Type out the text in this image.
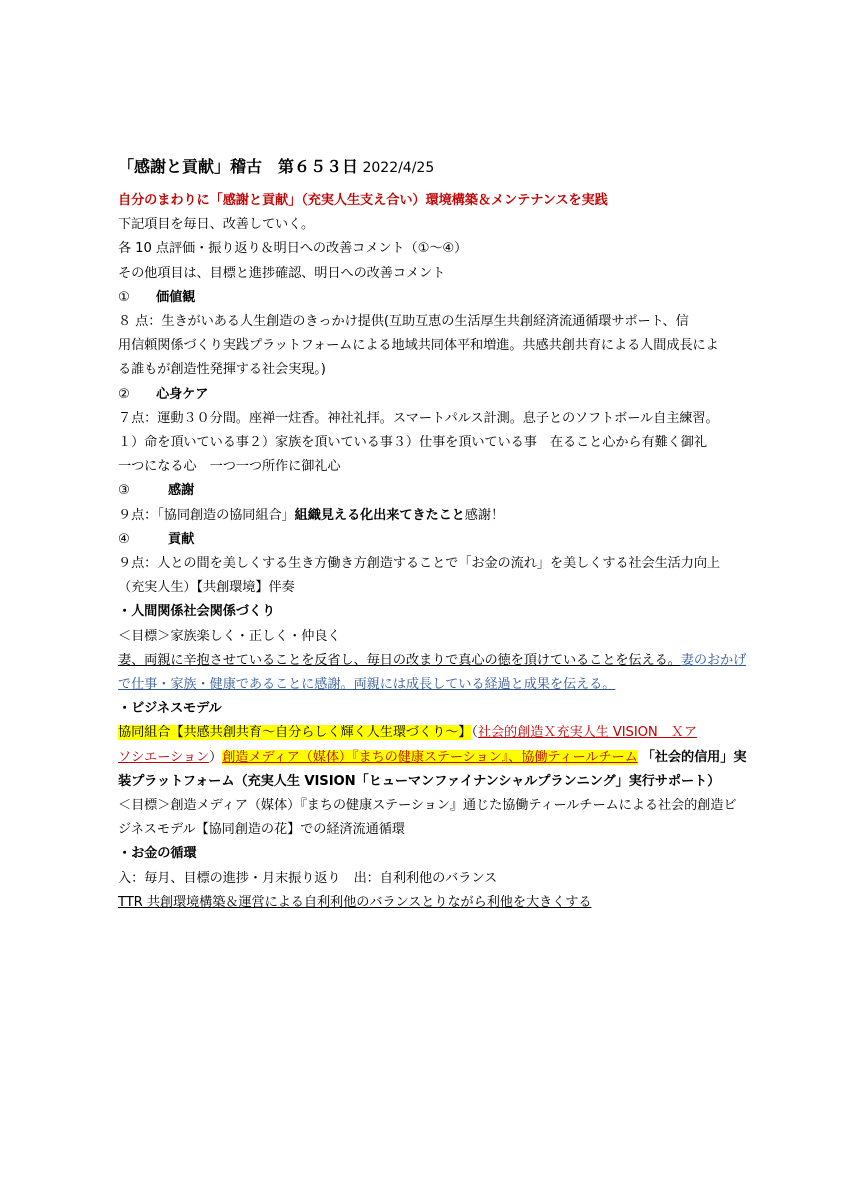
「感謝と貢献」稽古　第６５３日 2022/4/25
自分のまわりに「感謝と貢献」（充実人生支え合い）環境構築＆メンテナンスを実践
下記項目を毎日、改善していく。
各 10 点評価・振り返り＆明日への改善コメント（①～④）
その他項目は、目標と進捗確認、明日への改善コメント
① 価値観
８ 点：生きがいある人生創造のきっかけ提供(互助互恵の生活厚生共創経済流通循環サポート、信
用信頼関係づくり実践プラットフォームによる地域共同体平和増進。共感共創共育による人間成長によ
る誰もが創造性発揮する社会実現。)
② 心身ケア
７点：運動３０分間。座禅一炷香。神社礼拝。スマートパルス計測。息子とのソフトボール自主練習。
１）命を頂いている事２）家族を頂いている事３）仕事を頂いている事　在ること心から有難く御礼
一つになる心　一つ一つ所作に御礼心
③	感謝
９点：「協同創造の協同組合」組織見える化出来てきたこと感謝！
④	貢献
９点：人との間を美しくする生き方働き方創造することで「お金の流れ」を美しくする社会生活力向上
（充実人生）【共創環境】伴奏
・人間関係社会関係づくり
＜目標＞家族楽しく・正しく・仲良く
妻、両親に辛抱させていることを反省し、毎日の改まりで真心の徳を頂けていることを伝える。妻のおかげ
で仕事・家族・健康であることに感謝。両親には成長している経過と成果を伝える。
・ビジネスモデル
協同組合【共感共創共育～自分らしく輝く人生環づくり～】（社会的創造Ｘ充実人生 VISION　Ｘア
ソシエーション）創造メディア（媒体）『まちの健康ステーション』、協働ティールチーム 「社会的信用」実
装プラットフォーム（充実人生 VISION「ヒューマンファイナンシャルプランニング」実行サポート）
＜目標＞創造メディア（媒体）『まちの健康ステーション』通じた協働ティールチームによる社会的創造ビ
ジネスモデル【協同創造の花】での経済流通循環
・お金の循環
入：毎月、目標の進捗・月末振り返り　出：自利利他のバランス
TTR 共創環境構築＆運営による自利利他のバランスとりながら利他を大きくする
